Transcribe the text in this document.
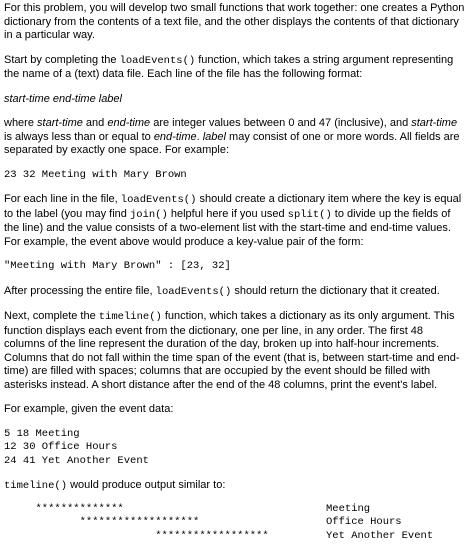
For this problem, you will develop two small functions that work together: one creates a Python dictionary from the contents of a text file, and the other displays the contents of that dictionary in a particular way.

Start by completing the loadEvents() function, which takes a string argument representing the name of a (text) data file. Each line of the file has the following format:

start-time end-time label

where start-time and end-time are integer values between 0 and 47 (inclusive), and start-time is always less than or equal to end-time. label may consist of one or more words. All fields are separated by exactly one space. For example:

23 32 Meeting with Mary Brown

For each line in the file, loadEvents() should create a dictionary item where the key is equal to the label (you may find join() helpful here if you used split() to divide up the fields of the line) and the value consists of a two-element list with the start-time and end-time values. For example, the event above would produce a key-value pair of the form:

"Meeting with Mary Brown" : [23, 32]

After processing the entire file, loadEvents() should return the dictionary that it created.

Next, complete the timeline() function, which takes a dictionary as its only argument. This function displays each event from the dictionary, one per line, in any order. The first 48 columns of the line represent the duration of the day, broken up into half-hour increments. Columns that do not fall within the time span of the event (that is, between start-time and end-time) are filled with spaces; columns that are occupied by the event should be filled with asterisks instead. A short distance after the end of the 48 columns, print the event's label.

For example, given the event data:

5 18 Meeting
12 30 Office Hours
24 41 Yet Another Event

timeline() would produce output similar to:

**************	Meeting
*******************	Office Hours
******************	Yet Another Event
